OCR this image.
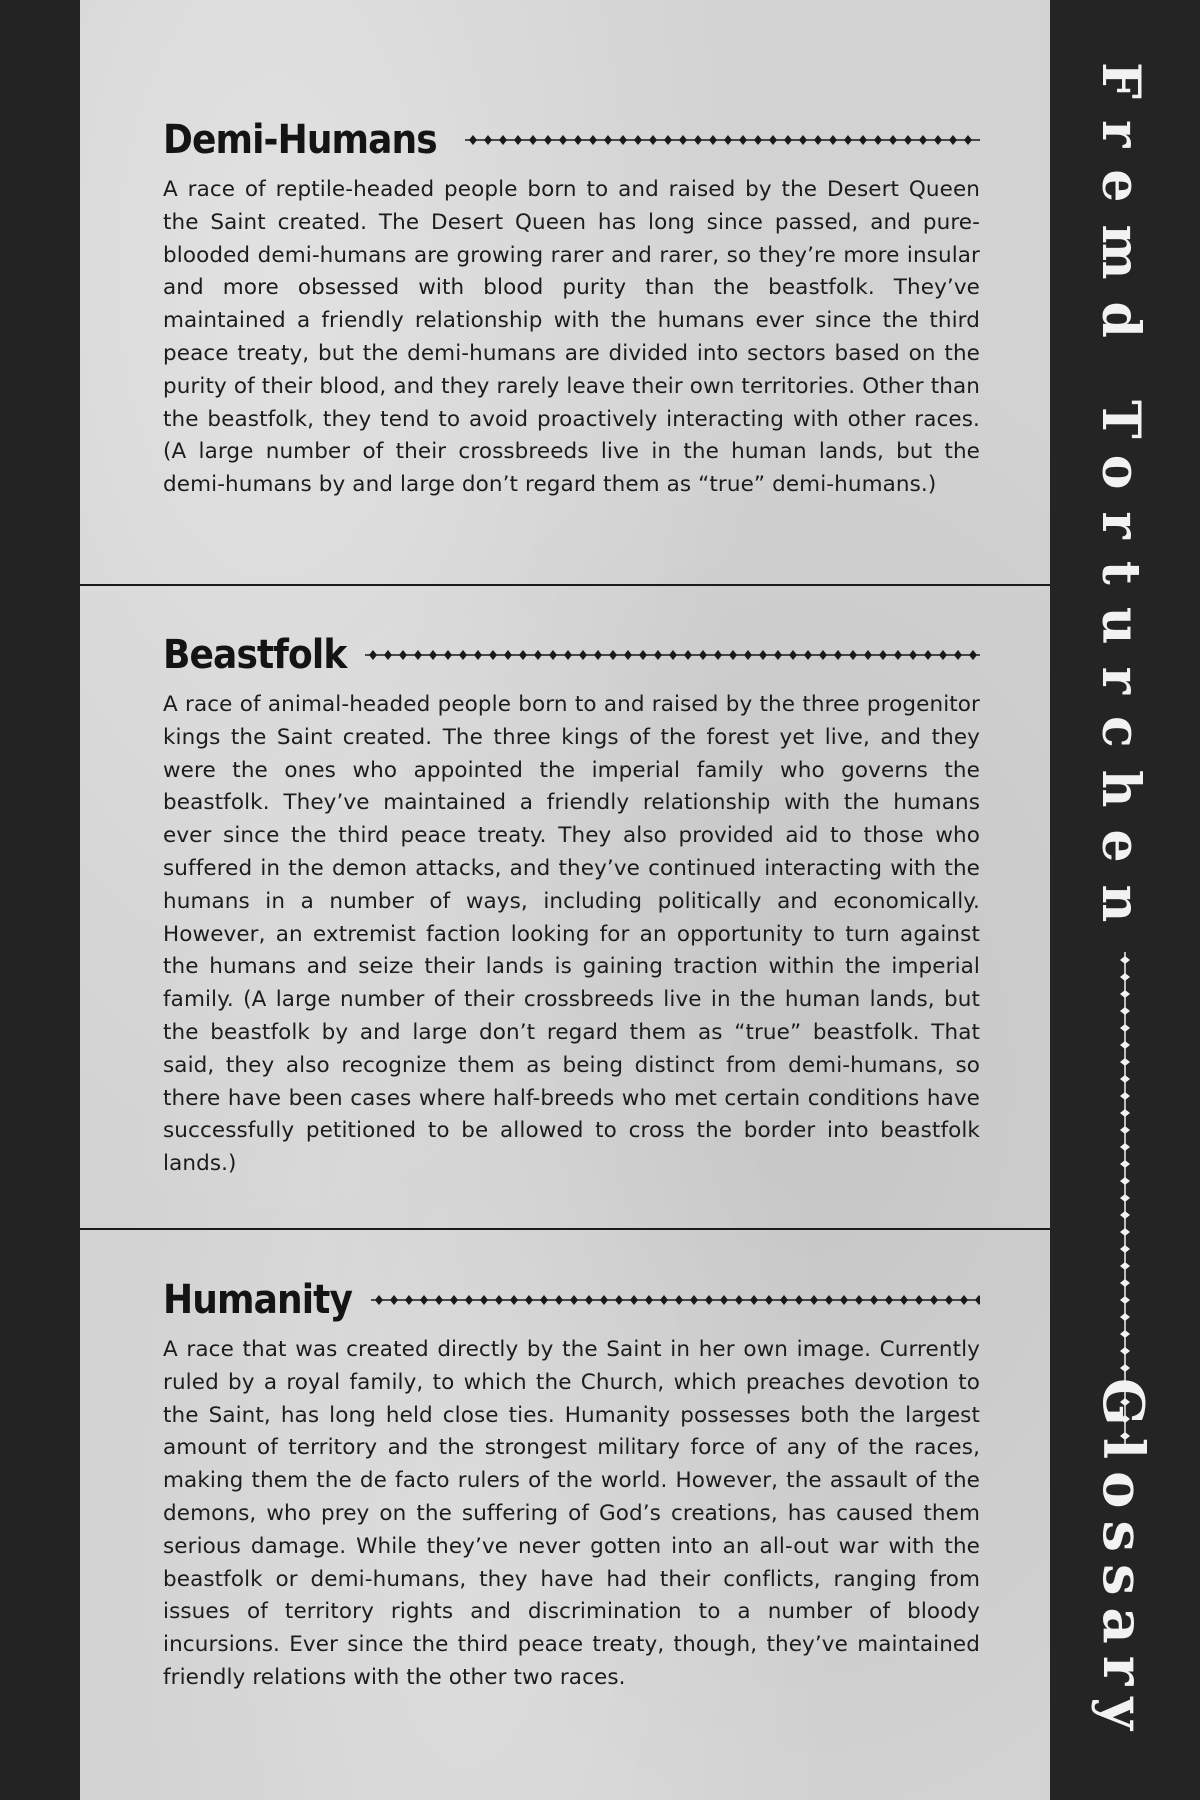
Demi-Humans

A race of reptile-headed people born to and raised by the Desert Queen the Saint created. The Desert Queen has long since passed, and pure-blooded demi-humans are growing rarer and rarer, so they’re more insular and more obsessed with blood purity than the beastfolk. They’ve maintained a friendly relationship with the humans ever since the third peace treaty, but the demi-humans are divided into sectors based on the purity of their blood, and they rarely leave their own territories. Other than the beastfolk, they tend to avoid proactively interacting with other races. (A large number of their crossbreeds live in the human lands, but the demi-humans by and large don’t regard them as “true” demi-humans.)

Beastfolk

A race of animal-headed people born to and raised by the three progenitor kings the Saint created. The three kings of the forest yet live, and they were the ones who appointed the imperial family who governs the beastfolk. They’ve maintained a friendly relationship with the humans ever since the third peace treaty. They also provided aid to those who suffered in the demon attacks, and they’ve continued interacting with the humans in a number of ways, including politically and economically. However, an extremist faction looking for an opportunity to turn against the humans and seize their lands is gaining traction within the imperial family. (A large number of their crossbreeds live in the human lands, but the beastfolk by and large don’t regard them as “true” beastfolk. That said, they also recognize them as being distinct from demi-humans, so there have been cases where half-breeds who met certain conditions have successfully petitioned to be allowed to cross the border into beastfolk lands.)

Humanity

A race that was created directly by the Saint in her own image. Currently ruled by a royal family, to which the Church, which preaches devotion to the Saint, has long held close ties. Humanity possesses both the largest amount of territory and the strongest military force of any of the races, making them the de facto rulers of the world. However, the assault of the demons, who prey on the suffering of God’s creations, has caused them serious damage. While they’ve never gotten into an all-out war with the beastfolk or demi-humans, they have had their conflicts, ranging from issues of territory rights and discrimination to a number of bloody incursions. Ever since the third peace treaty, though, they’ve maintained friendly relations with the other two races.

Fremd Torturchen
Glossary
